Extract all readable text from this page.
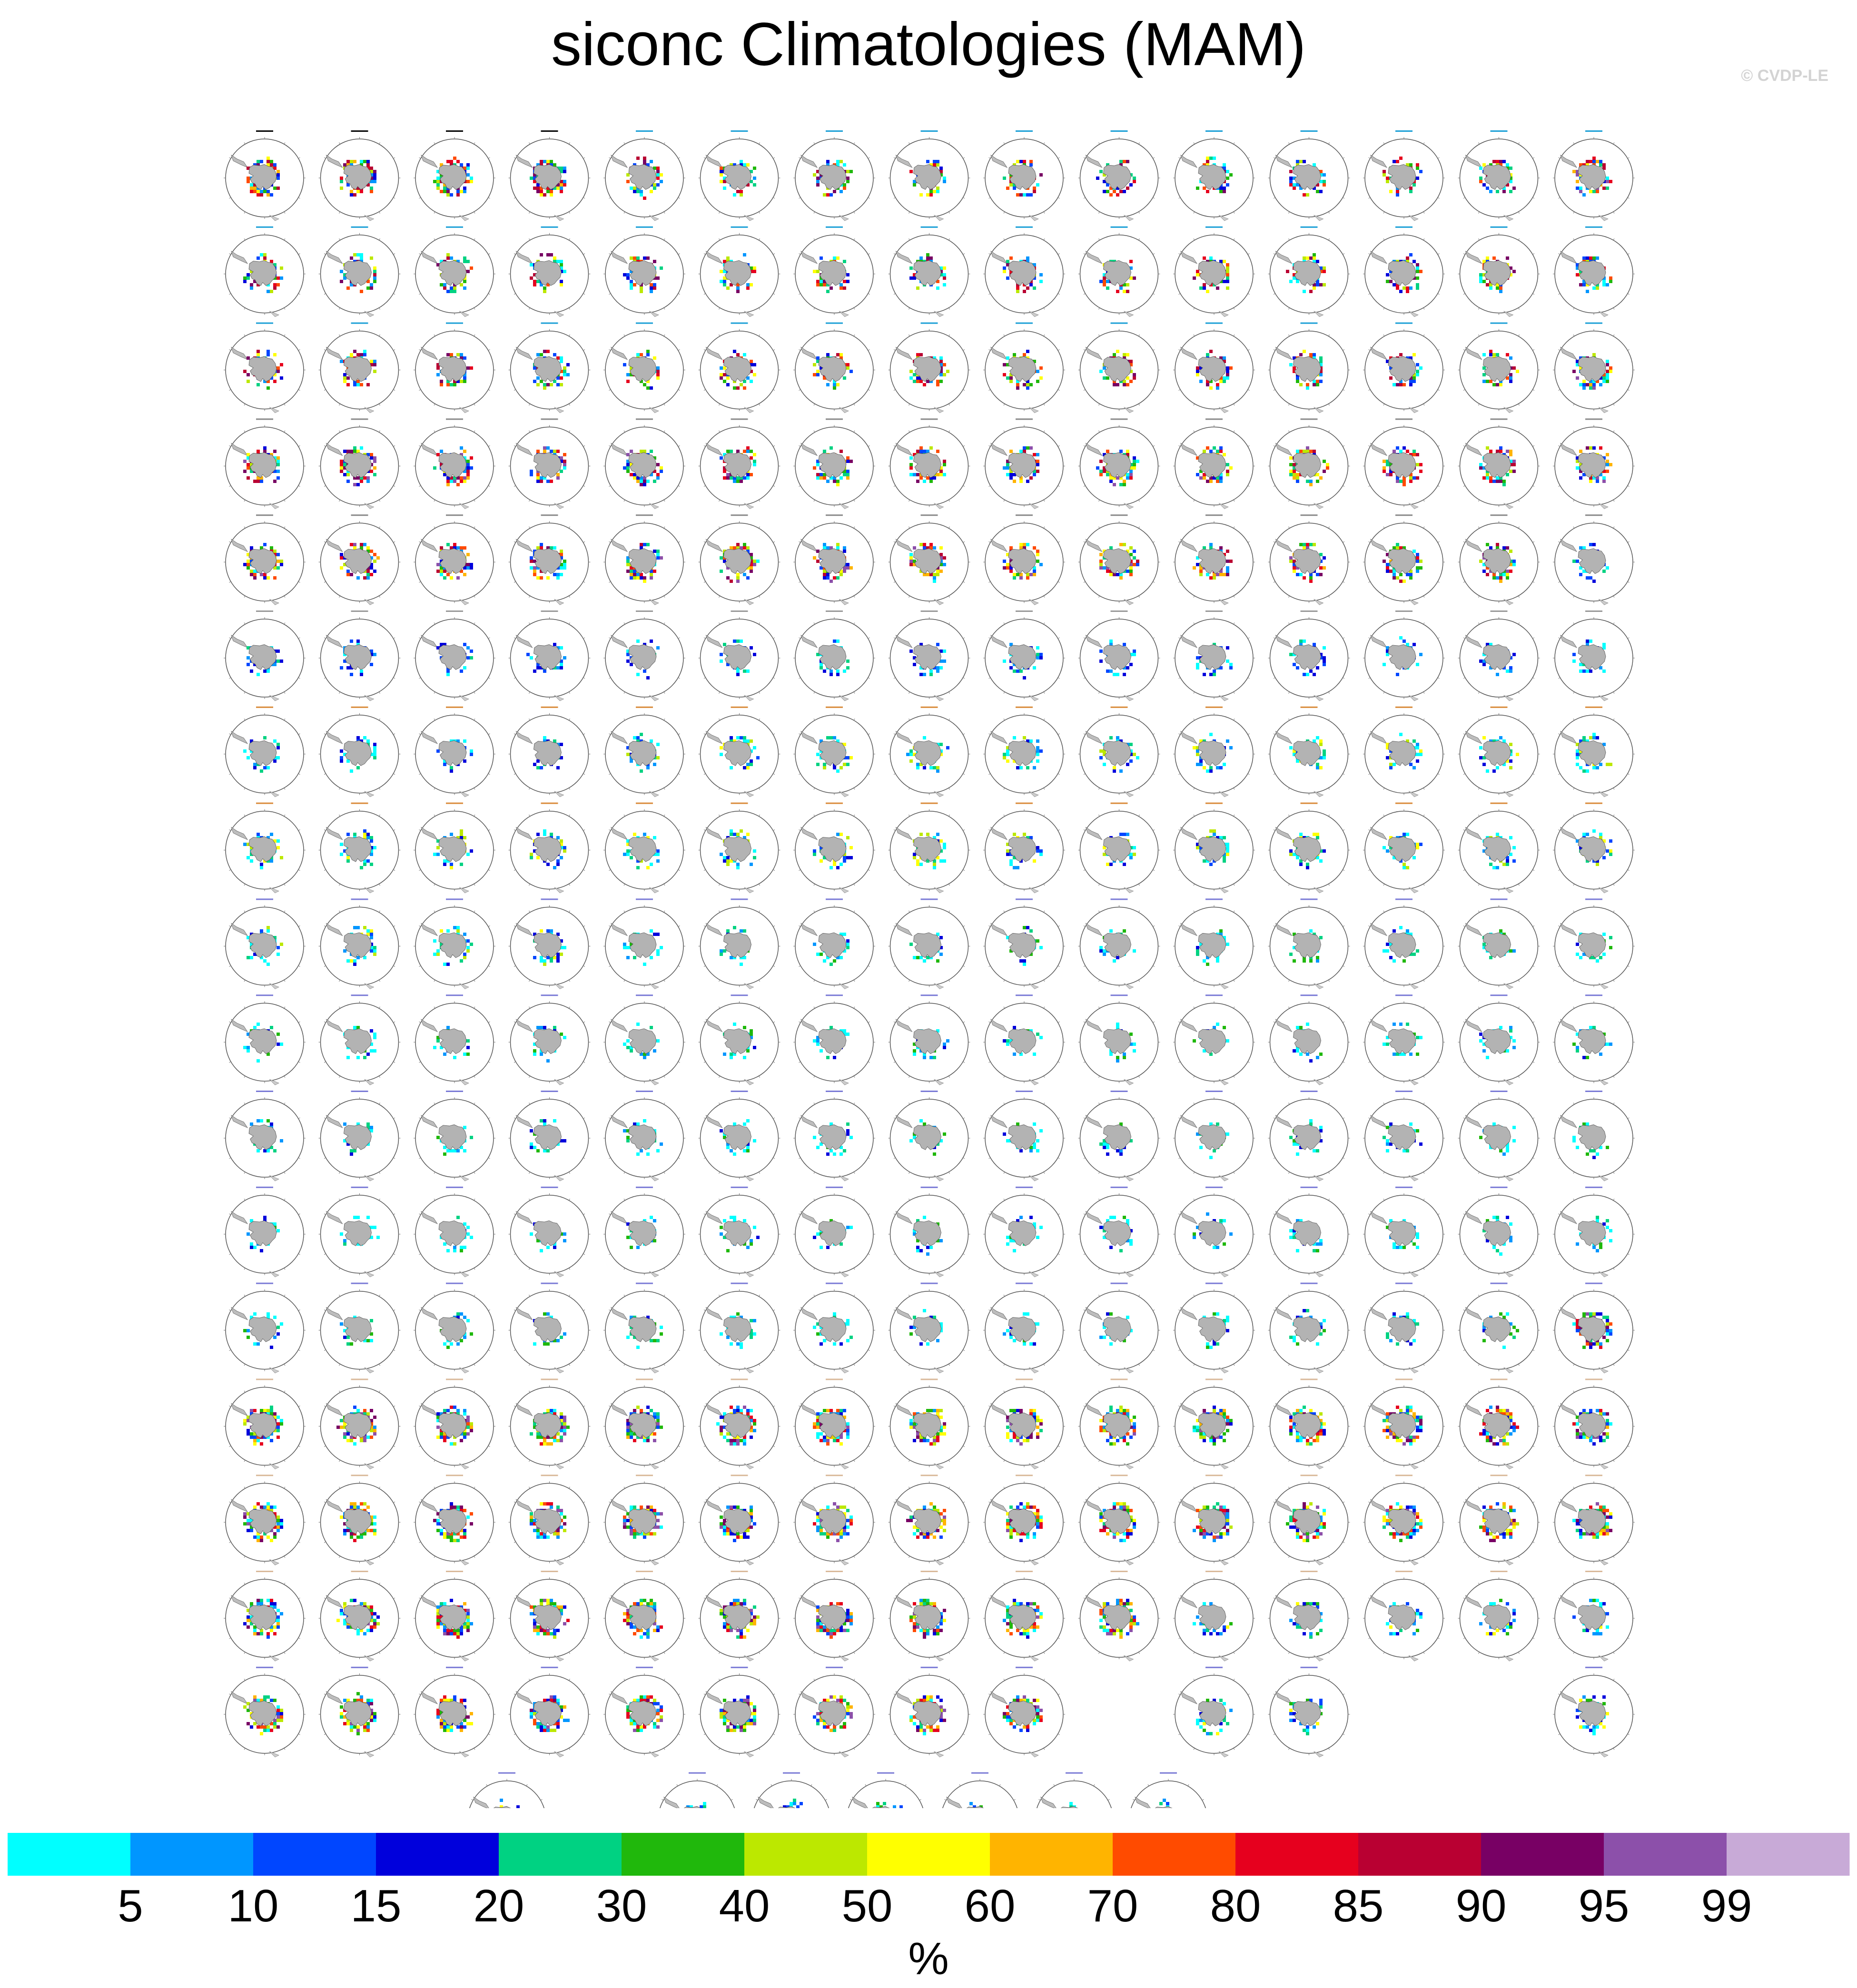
siconc Climatologies (MAM)	© CVDP-LE
5 10 15 20 30 40 50 60 70 80 85 90 95 99
%
